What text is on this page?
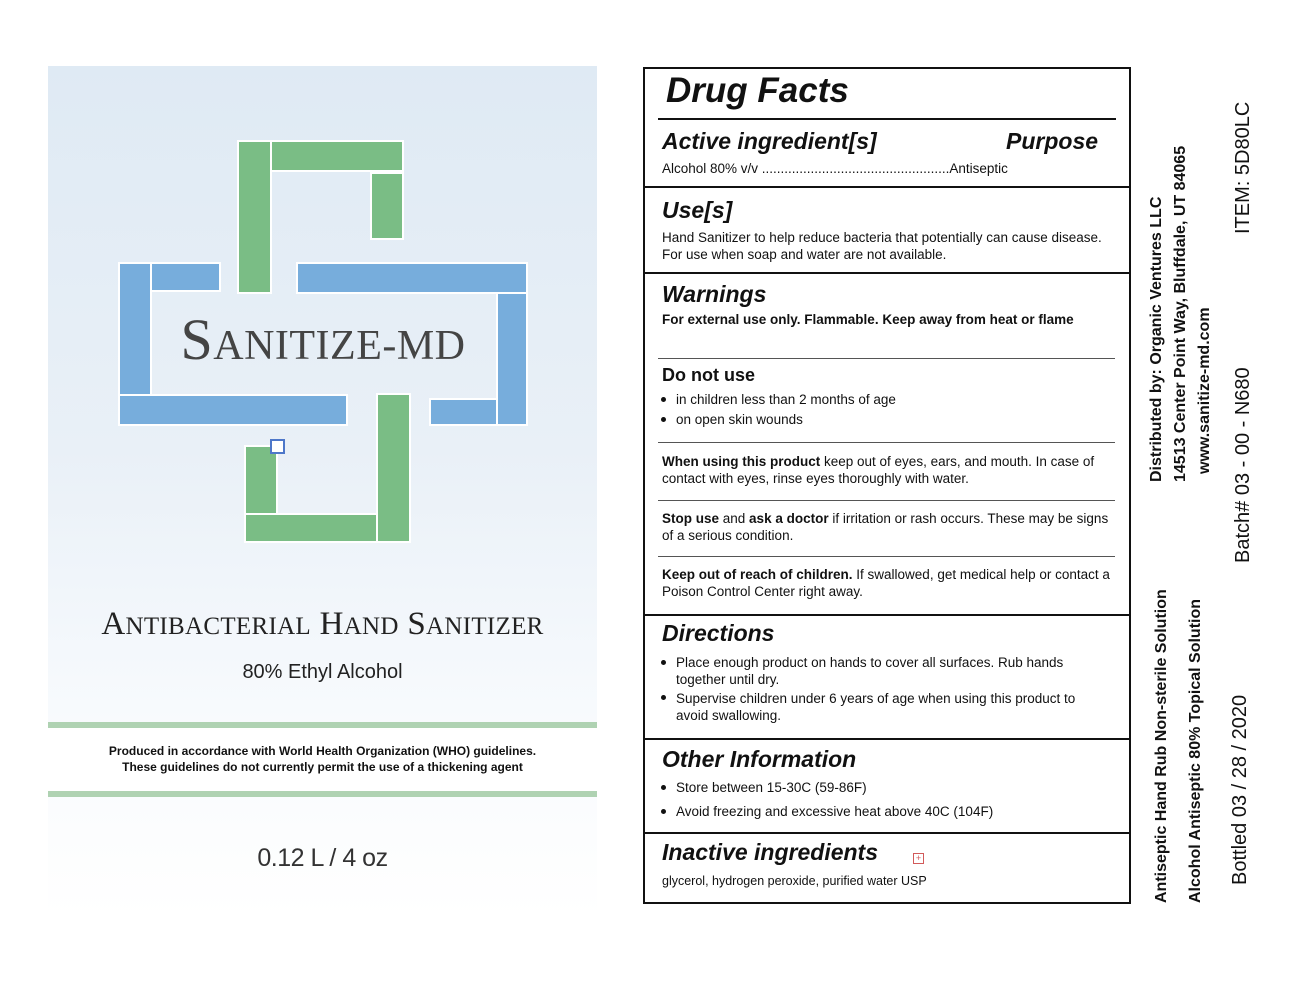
SANITIZE-MD
ANTIBACTERIAL HAND SANITIZER
80% Ethyl Alcohol
Produced in accordance with World Health Organization (WHO) guidelines.
These guidelines do not currently permit the use of a thickening agent
0.12 L / 4 oz
Drug Facts
Active ingredient[s]	Purpose
Alcohol 80% v/v ..................................................Antiseptic
Use[s]
Hand Sanitizer to help reduce bacteria that potentially can cause disease. For use when soap and water are not available.
Warnings
For external use only. Flammable. Keep away from heat or flame
Do not use
in children less than 2 months of age
on open skin wounds
When using this product keep out of eyes, ears, and mouth. In case of contact with eyes, rinse eyes thoroughly with water.
Stop use and ask a doctor if irritation or rash occurs. These may be signs of a serious condition.
Keep out of reach of children. If swallowed, get medical help or contact a Poison Control Center right away.
Directions
Place enough product on hands to cover all surfaces. Rub hands together until dry.
Supervise children under 6 years of age when using this product to avoid swallowing.
Other Information
Store between 15-30C (59-86F)
Avoid freezing and excessive heat above 40C (104F)
Inactive ingredients	+
glycerol, hydrogen peroxide, purified water USP
Distributed by: Organic Ventures LLC 14513 Center Point Way, Bluffdale, UT 84065 www.sanitize-md.com
ITEM: 5D80LC
Batch# 03 - 00 - N680
Antiseptic Hand Rub Non-sterile Solution Alcohol Antiseptic 80% Topical Solution Bottled 03 / 28 / 2020
